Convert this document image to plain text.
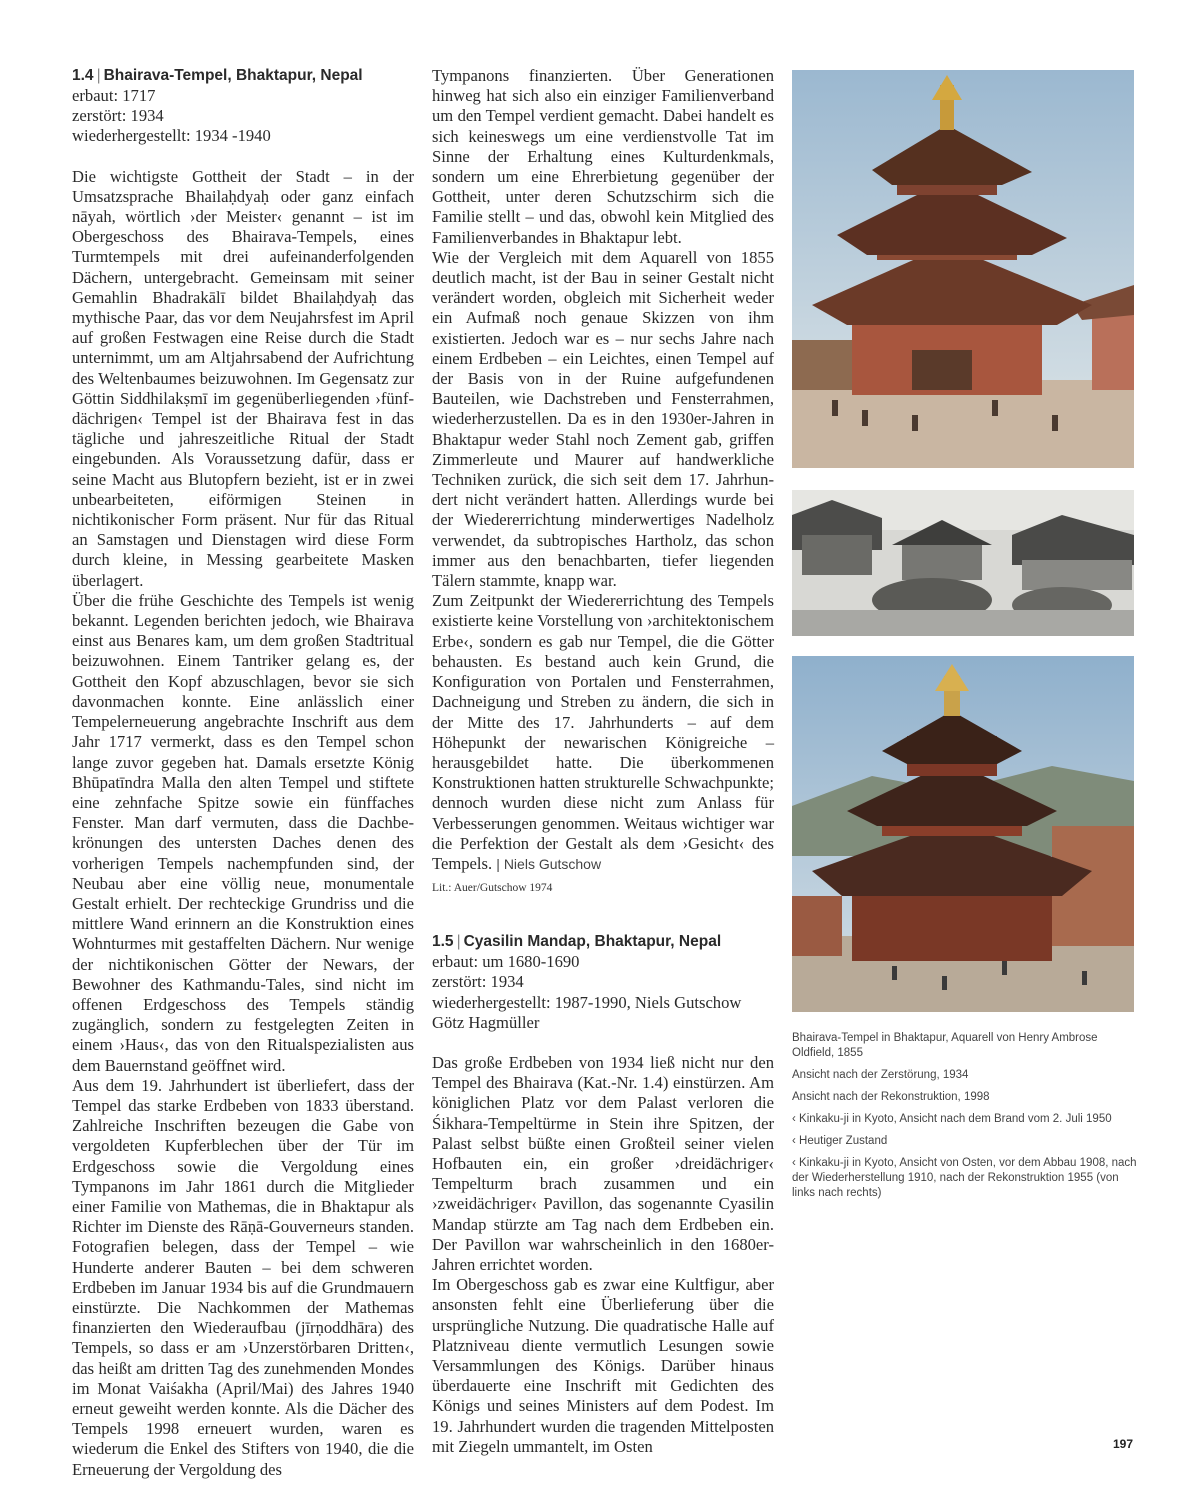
1.4 | Bhairava-Tempel, Bhaktapur, Nepal

erbaut: 1717

zerstört: 1934

wiederhergestellt: 1934 -1940

Die wichtigste Gottheit der Stadt – in der Umsatzsprache Bhailaḥdyaḥ oder ganz einfach nāyah, wörtlich ›der Meister‹ genannt – ist im Obergeschoss des Bhairava-Tempels, eines Turmtempels mit drei aufeinanderfolgenden Dächern, untergebracht. Gemeinsam mit seiner Gemahlin Bhadrakālī bildet Bhailaḥdyaḥ das mythische Paar, das vor dem Neujahrsfest im April auf großen Festwagen eine Reise durch die Stadt unternimmt, um am Altjahrsabend der Aufrichtung des Weltenbaumes beizuwohnen. Im Gegensatz zur Göttin Siddhilakṣmī im gegenüberliegenden ›fünfdächrigen‹ Tempel ist der Bhairava fest in das tägliche und jahreszeitliche Ritual der Stadt eingebunden. Als Voraussetzung dafür, dass er seine Macht aus Blutopfern bezieht, ist er in zwei unbearbeiteten, eiförmigen Steinen in nichtikonischer Form präsent. Nur für das Ritual an Samstagen und Dienstagen wird diese Form durch kleine, in Messing gearbeitete Masken überlagert.

Über die frühe Geschichte des Tempels ist wenig bekannt. Legenden berichten jedoch, wie Bhairava einst aus Benares kam, um dem großen Stadtritual beizuwohnen. Einem Tantriker gelang es, der Gottheit den Kopf abzuschlagen, bevor sie sich davonmachen konnte. Eine anlässlich einer Tempelerneuerung angebrachte Inschrift aus dem Jahr 1717 vermerkt, dass es den Tempel schon lange zuvor gegeben hat. Damals ersetzte König Bhūpatīndra Malla den alten Tempel und stiftete eine zehnfache Spitze sowie ein fünffaches Fenster. Man darf vermuten, dass die Dachbekrönungen des untersten Daches denen des vorherigen Tempels nachempfunden sind, der Neubau aber eine völlig neue, monumentale Gestalt erhielt. Der rechteckige Grundriss und die mittlere Wand erinnern an die Konstruktion eines Wohnturmes mit gestaffelten Dächern. Nur wenige der nichtikonischen Götter der Newars, der Bewohner des Kathmandu-Tales, sind nicht im offenen Erdgeschoss des Tempels ständig zugänglich, sondern zu festgelegten Zeiten in einem ›Haus‹, das von den Ritualspezialisten aus dem Bauernstand geöffnet wird.

Aus dem 19. Jahrhundert ist überliefert, dass der Tempel das starke Erdbeben von 1833 überstand. Zahlreiche Inschriften bezeugen die Gabe von vergoldeten Kupferblechen über der Tür im Erdgeschoss sowie die Vergoldung eines Tympanons im Jahr 1861 durch die Mitglieder einer Familie von Mathemas, die in Bhaktapur als Richter im Dienste des Rāṇā-Gouverneurs standen. Fotografien belegen, dass der Tempel – wie Hunderte anderer Bauten – bei dem schweren Erdbeben im Januar 1934 bis auf die Grundmauern einstürzte. Die Nachkommen der Mathemas finanzierten den Wiederaufbau (jīrṇoddhāra) des Tempels, so dass er am ›Unzerstörbaren Dritten‹, das heißt am dritten Tag des zunehmenden Mondes im Monat Vaiśakha (April/Mai) des Jahres 1940 erneut geweiht werden konnte. Als die Dächer des Tempels 1998 erneuert wurden, waren es wiederum die Enkel des Stifters von 1940, die die Erneuerung der Vergoldung des

Tympanons finanzierten. Über Generationen hinweg hat sich also ein einziger Familienverband um den Tempel verdient gemacht. Dabei handelt es sich keineswegs um eine verdienstvolle Tat im Sinne der Erhaltung eines Kulturdenkmals, sondern um eine Ehrerbietung gegenüber der Gottheit, unter deren Schutzschirm sich die Familie stellt – und das, obwohl kein Mitglied des Familienverbandes in Bhaktapur lebt.

Wie der Vergleich mit dem Aquarell von 1855 deutlich macht, ist der Bau in seiner Gestalt nicht verändert worden, obgleich mit Sicherheit weder ein Aufmaß noch genaue Skizzen von ihm existierten. Jedoch war es – nur sechs Jahre nach einem Erdbeben – ein Leichtes, einen Tempel auf der Basis von in der Ruine aufgefundenen Bauteilen, wie Dachstreben und Fensterrahmen, wiederherzustellen. Da es in den 1930er-Jahren in Bhaktapur weder Stahl noch Zement gab, griffen Zimmerleute und Maurer auf handwerkliche Techniken zurück, die sich seit dem 17. Jahrhundert nicht verändert hatten. Allerdings wurde bei der Wiedererrichtung minderwertiges Nadelholz verwendet, da subtropisches Hartholz, das schon immer aus den benachbarten, tiefer liegenden Tälern stammte, knapp war.

Zum Zeitpunkt der Wiedererrichtung des Tempels existierte keine Vorstellung von ›architektonischem Erbe‹, sondern es gab nur Tempel, die die Götter behausten. Es bestand auch kein Grund, die Konfiguration von Portalen und Fensterrahmen, Dachneigung und Streben zu ändern, die sich in der Mitte des 17. Jahrhunderts – auf dem Höhepunkt der newarischen Königreiche – herausgebildet hatte. Die überkommenen Konstruktionen hatten strukturelle Schwachpunkte; dennoch wurden diese nicht zum Anlass für Verbesserungen genommen. Weitaus wichtiger war die Perfektion der Gestalt als dem ›Gesicht‹ des Tempels. | Niels Gutschow

Lit.: Auer/Gutschow 1974

1.5 | Cyasilin Mandap, Bhaktapur, Nepal

erbaut: um 1680-1690

zerstört: 1934

wiederhergestellt: 1987-1990, Niels Gutschow Götz Hagmüller

Das große Erdbeben von 1934 ließ nicht nur den Tempel des Bhairava (Kat.-Nr. 1.4) einstürzen. Am königlichen Platz vor dem Palast verloren die Śikhara-Tempeltürme in Stein ihre Spitzen, der Palast selbst büßte einen Großteil seiner vielen Hofbauten ein, ein großer ›dreidächriger‹ Tempelturm brach zusammen und ein ›zweidächriger‹ Pavillon, das sogenannte Cyasilin Mandap stürzte am Tag nach dem Erdbeben ein. Der Pavillon war wahrscheinlich in den 1680er-Jahren errichtet worden.

Im Obergeschoss gab es zwar eine Kultfigur, aber ansonsten fehlt eine Überlieferung über die ursprüngliche Nutzung. Die quadratische Halle auf Platzniveau diente vermutlich Lesungen sowie Versammlungen des Königs. Darüber hinaus überdauerte eine Inschrift mit Gedichten des Königs und seines Ministers auf dem Podest. Im 19. Jahrhundert wurden die tragenden Mittelposten mit Ziegeln ummantelt, im Osten

Bhairava-Tempel in Bhaktapur, Aquarell von Henry Ambrose Oldfield, 1855
Ansicht nach der Zerstörung, 1934
Ansicht nach der Rekonstruktion, 1998
‹ Kinkaku-ji in Kyoto, Ansicht nach dem Brand vom 2. Juli 1950
‹ Heutiger Zustand
‹ Kinkaku-ji in Kyoto, Ansicht von Osten, vor dem Abbau 1908, nach der Wiederherstellung 1910, nach der Rekonstruktion 1955 (von links nach rechts)
197
